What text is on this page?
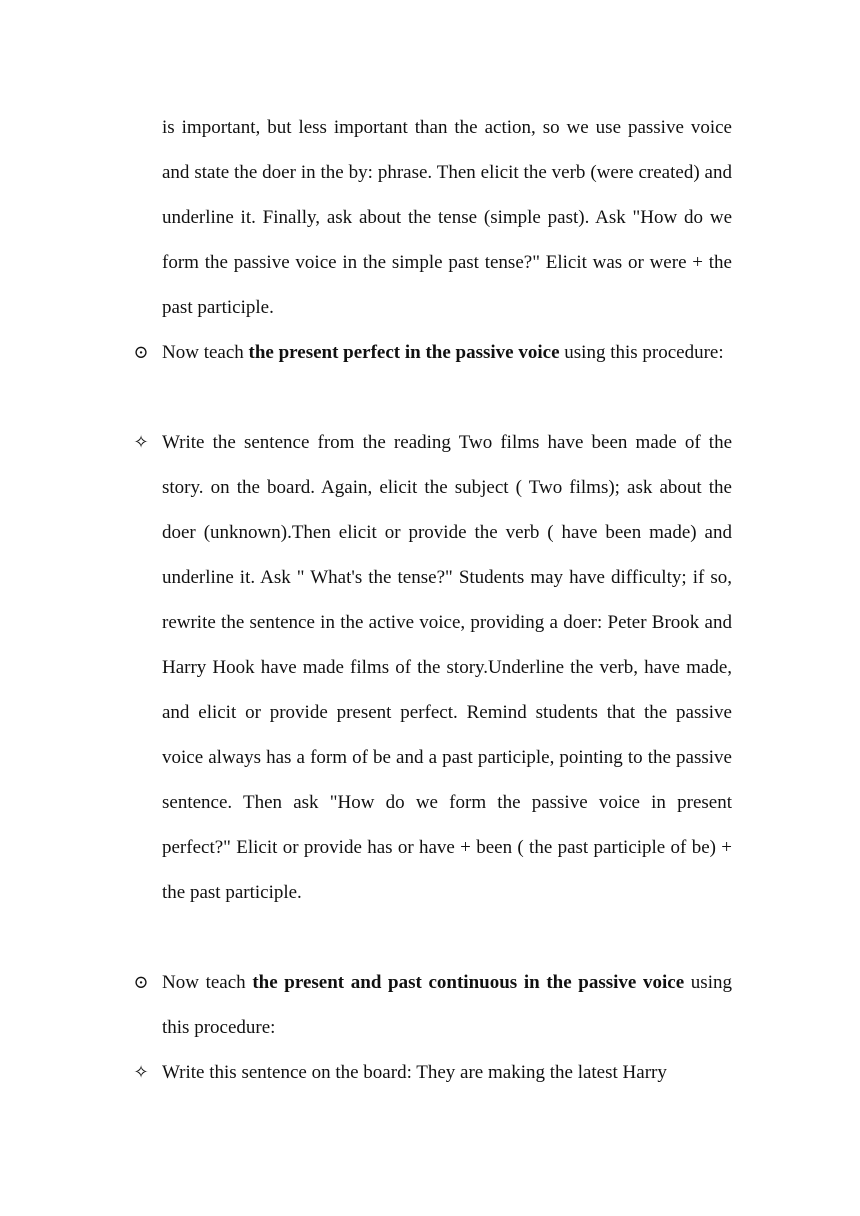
is important, but less important than the action, so we use passive voice and state the doer in the by: phrase. Then elicit the verb (were created) and underline it. Finally, ask about the tense (simple past). Ask "How do we form the passive voice in the simple past tense?" Elicit was or were + the past participle.
⊙ Now teach the present perfect in the passive voice using this procedure:
✧ Write the sentence from the reading Two films have been made of the story. on the board. Again, elicit the subject ( Two films); ask about the doer (unknown).Then elicit or provide the verb ( have been made) and underline it. Ask " What's the tense?" Students may have difficulty; if so, rewrite the sentence in the active voice, providing a doer: Peter Brook and Harry Hook have made films of the story.Underline the verb, have made, and elicit or provide present perfect. Remind students that the passive voice always has a form of be and a past participle, pointing to the passive sentence. Then ask "How do we form the passive voice in present perfect?" Elicit or provide has or have + been ( the past participle of be) + the past participle.
⊙ Now teach the present and past continuous in the passive voice using this procedure:
✧ Write this sentence on the board: They are making the latest Harry
